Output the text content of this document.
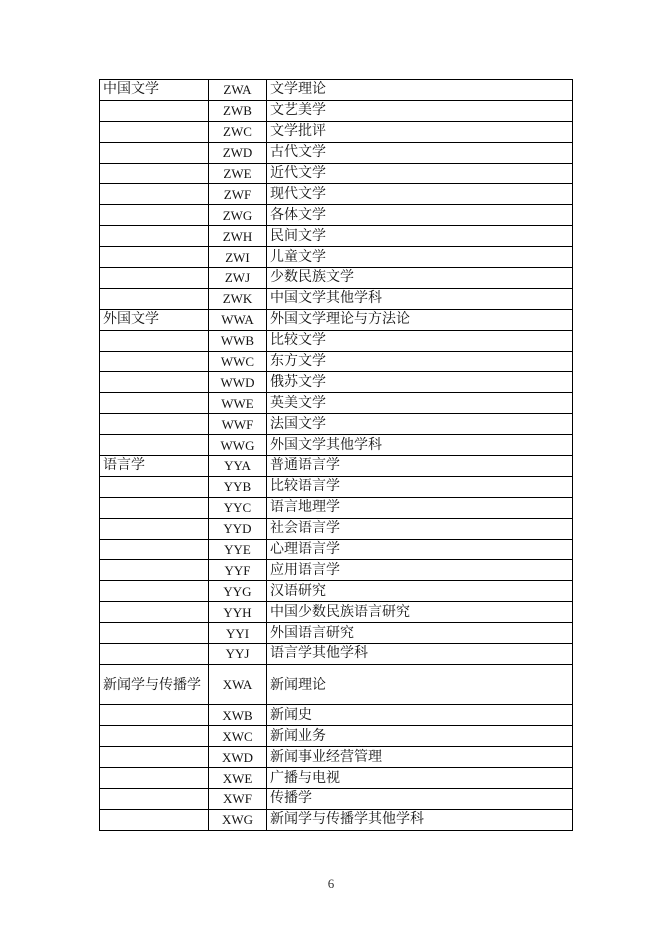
中国文学	ZWA	文学理论
	ZWB	文艺美学
	ZWC	文学批评
	ZWD	古代文学
	ZWE	近代文学
	ZWF	现代文学
	ZWG	各体文学
	ZWH	民间文学
	ZWI	儿童文学
	ZWJ	少数民族文学
	ZWK	中国文学其他学科
外国文学	WWA	外国文学理论与方法论
	WWB	比较文学
	WWC	东方文学
	WWD	俄苏文学
	WWE	英美文学
	WWF	法国文学
	WWG	外国文学其他学科
语言学	YYA	普通语言学
	YYB	比较语言学
	YYC	语言地理学
	YYD	社会语言学
	YYE	心理语言学
	YYF	应用语言学
	YYG	汉语研究
	YYH	中国少数民族语言研究
	YYI	外国语言研究
	YYJ	语言学其他学科
新闻学与传播学	XWA	新闻理论
	XWB	新闻史
	XWC	新闻业务
	XWD	新闻事业经营管理
	XWE	广播与电视
	XWF	传播学
	XWG	新闻学与传播学其他学科
6
